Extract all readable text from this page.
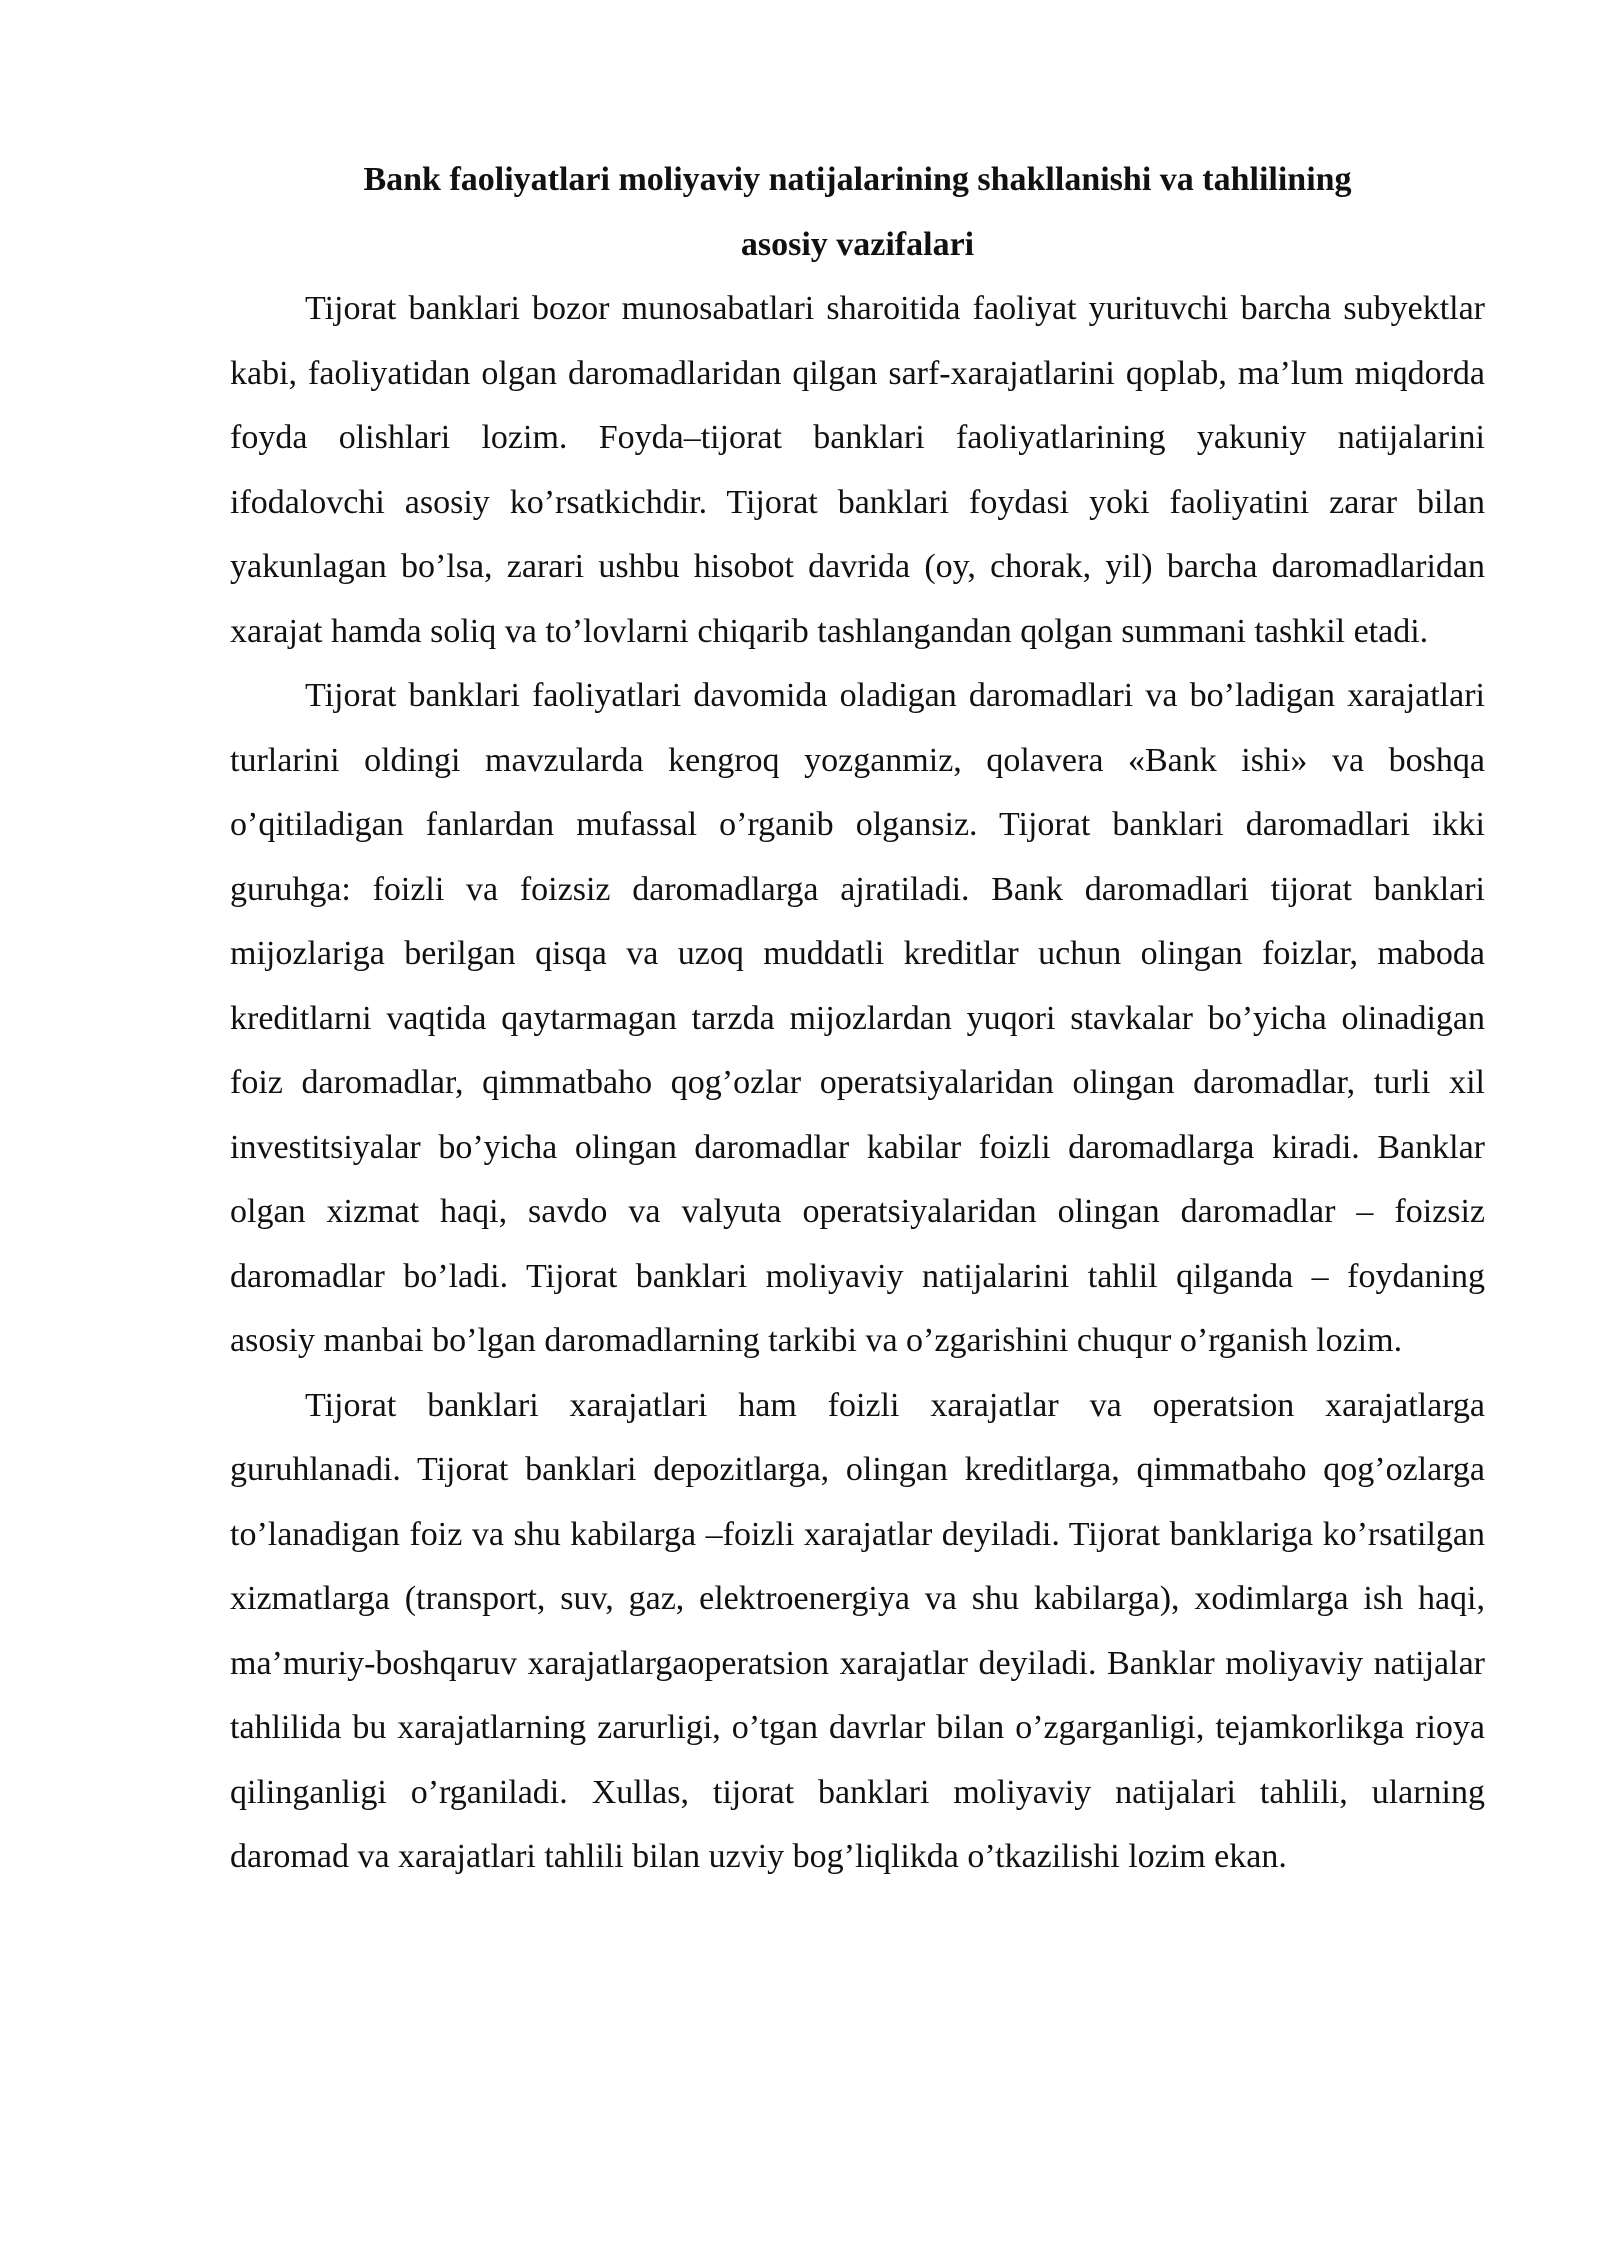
Bank faoliyatlari moliyaviy natijalarining shakllanishi va tahlilining
asosiy vazifalari

Tijorat banklari bozor munosabatlari sharoitida faoliyat yurituvchi barcha subyektlar kabi, faoliyatidan olgan daromadlaridan qilgan sarf-xarajatlarini qoplab, ma’lum miqdorda foyda olishlari lozim. Foyda–tijorat banklari faoliyatlarining yakuniy natijalarini ifodalovchi asosiy ko’rsatkichdir. Tijorat banklari foydasi yoki faoliyatini zarar bilan yakunlagan bo’lsa, zarari ushbu hisobot davrida (oy, chorak, yil) barcha daromadlaridan xarajat hamda soliq va to’lovlarni chiqarib tashlangandan qolgan summani tashkil etadi.

Tijorat banklari faoliyatlari davomida oladigan daromadlari va bo’ladigan xarajatlari turlarini oldingi mavzularda kengroq yozganmiz, qolavera «Bank ishi» va boshqa o’qitiladigan fanlardan mufassal o’rganib olgansiz. Tijorat banklari daromadlari ikki guruhga: foizli va foizsiz daromadlarga ajratiladi. Bank daromadlari tijorat banklari mijozlariga berilgan qisqa va uzoq muddatli kreditlar uchun olingan foizlar, maboda kreditlarni vaqtida qaytarmagan tarzda mijozlardan yuqori stavkalar bo’yicha olinadigan foiz daromadlar, qimmatbaho qog’ozlar operatsiyalaridan olingan daromadlar, turli xil investitsiyalar bo’yicha olingan daromadlar kabilar foizli daromadlarga kiradi. Banklar olgan xizmat haqi, savdo va valyuta operatsiyalaridan olingan daromadlar – foizsiz daromadlar bo’ladi. Tijorat banklari moliyaviy natijalarini tahlil qilganda – foydaning asosiy manbai bo’lgan daromadlarning tarkibi va o’zgarishini chuqur o’rganish lozim.

Tijorat banklari xarajatlari ham foizli xarajatlar va operatsion xarajatlarga guruhlanadi. Tijorat banklari depozitlarga, olingan kreditlarga, qimmatbaho qog’ozlarga to’lanadigan foiz va shu kabilarga –foizli xarajatlar deyiladi. Tijorat banklariga ko’rsatilgan xizmatlarga (transport, suv, gaz, elektroenergiya va shu kabilarga), xodimlarga ish haqi, ma’muriy-boshqaruv xarajatlargaoperatsion xarajatlar deyiladi. Banklar moliyaviy natijalar tahlilida bu xarajatlarning zarurligi, o’tgan davrlar bilan o’zgarganligi, tejamkorlikga rioya qilinganligi o’rganiladi. Xullas, tijorat banklari moliyaviy natijalari tahlili, ularning daromad va xarajatlari tahlili bilan uzviy bog’liqlikda o’tkazilishi lozim ekan.
